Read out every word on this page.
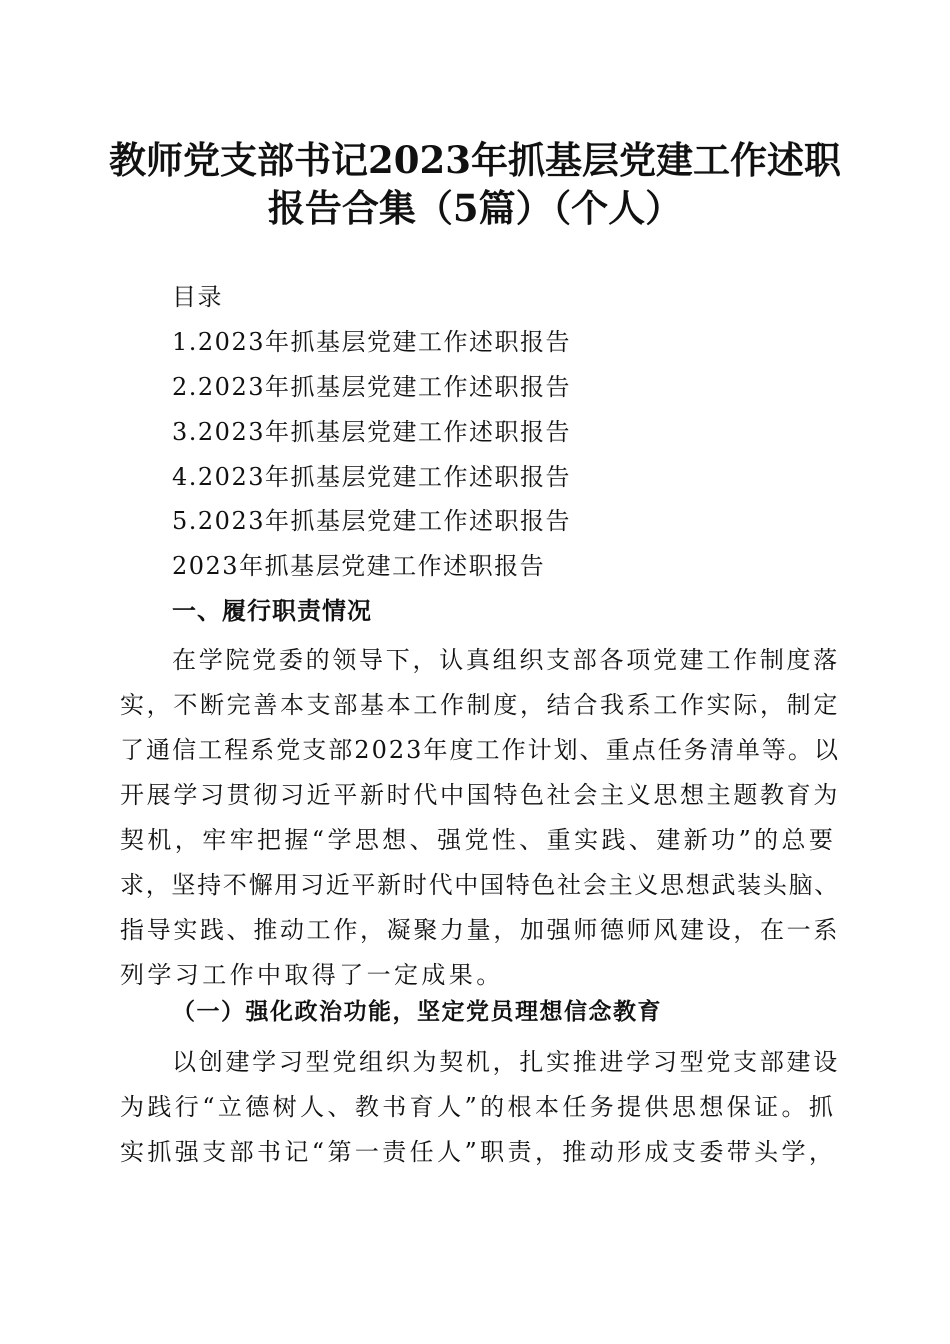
教师党支部书记2023年抓基层党建工作述职
报告合集（5篇）（个人）
目录
1.2023年抓基层党建工作述职报告
2.2023年抓基层党建工作述职报告
3.2023年抓基层党建工作述职报告
4.2023年抓基层党建工作述职报告
5.2023年抓基层党建工作述职报告
2023年抓基层党建工作述职报告
一、履行职责情况
在学院党委的领导下，认真组织支部各项党建工作制度落
实，不断完善本支部基本工作制度，结合我系工作实际，制定
了通信工程系党支部2023年度工作计划、重点任务清单等。以
开展学习贯彻习近平新时代中国特色社会主义思想主题教育为
契机，牢牢把握“学思想、强党性、重实践、建新功”的总要
求，坚持不懈用习近平新时代中国特色社会主义思想武装头脑、
指导实践、推动工作，凝聚力量，加强师德师风建设，在一系
列学习工作中取得了一定成果。
（一）强化政治功能，坚定党员理想信念教育
以创建学习型党组织为契机，扎实推进学习型党支部建设
为践行“立德树人、教书育人”的根本任务提供思想保证。抓
实抓强支部书记“第一责任人”职责，推动形成支委带头学，
